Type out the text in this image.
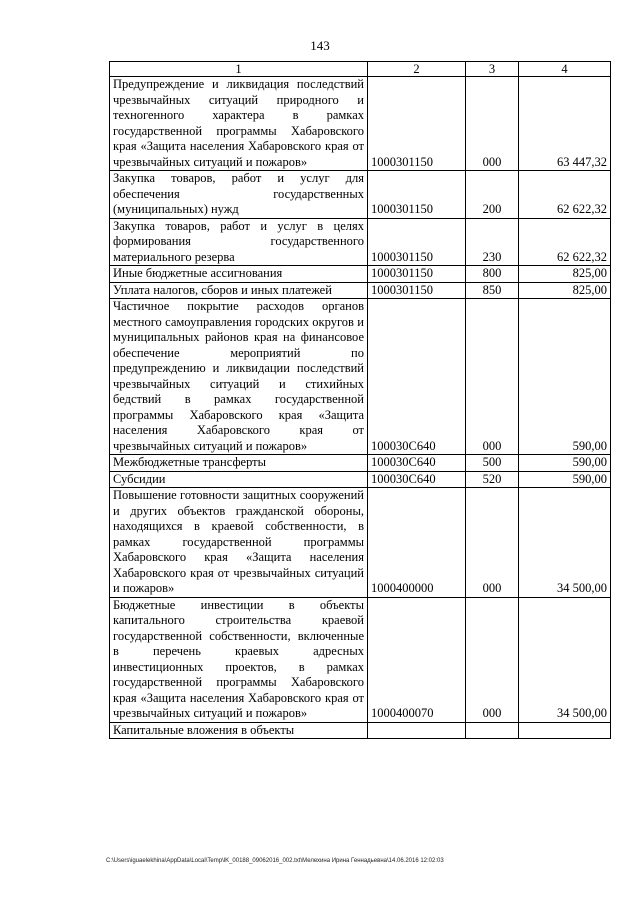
143
1	2	3	4
Предупреждение и ликвидация последствий чрезвычайных ситуаций природного и техногенного характера в рамках государственной программы Хабаровского края «Защита населения Хабаровского края от чрезвычайных ситуаций и пожаров»	1000301150	000	63 447,32
Закупка товаров, работ и услуг для обеспечения государственных (муниципальных) нужд	1000301150	200	62 622,32
Закупка товаров, работ и услуг в целях формирования государственного материального резерва	1000301150	230	62 622,32
Иные бюджетные ассигнования	1000301150	800	825,00
Уплата налогов, сборов и иных платежей	1000301150	850	825,00
Частичное покрытие расходов органов местного самоуправления городских округов и муниципальных районов края на финансовое обеспечение мероприятий по предупреждению и ликвидации последствий чрезвычайных ситуаций и стихийных бедствий в рамках государственной программы Хабаровского края «Защита населения Хабаровского края от чрезвычайных ситуаций и пожаров»	100030С640	000	590,00
Межбюджетные трансферты	100030С640	500	590,00
Субсидии	100030С640	520	590,00
Повышение готовности защитных сооружений и других объектов гражданской обороны, находящихся в краевой собственности, в рамках государственной программы Хабаровского края «Защита населения Хабаровского края от чрезвычайных ситуаций и пожаров»	1000400000	000	34 500,00
Бюджетные инвестиции в объекты капитального строительства краевой государственной собственности, включенные в перечень краевых адресных инвестиционных проектов, в рамках государственной программы Хабаровского края «Защита населения Хабаровского края от чрезвычайных ситуаций и пожаров»	1000400070	000	34 500,00
Капитальные вложения в объекты			
C:\Users\iguaelekhina\AppData\Local\Temp\lK_00188_09062016_002.txt\Мелехина Ирина Геннадьевна\14.06.2016 12:02:03
